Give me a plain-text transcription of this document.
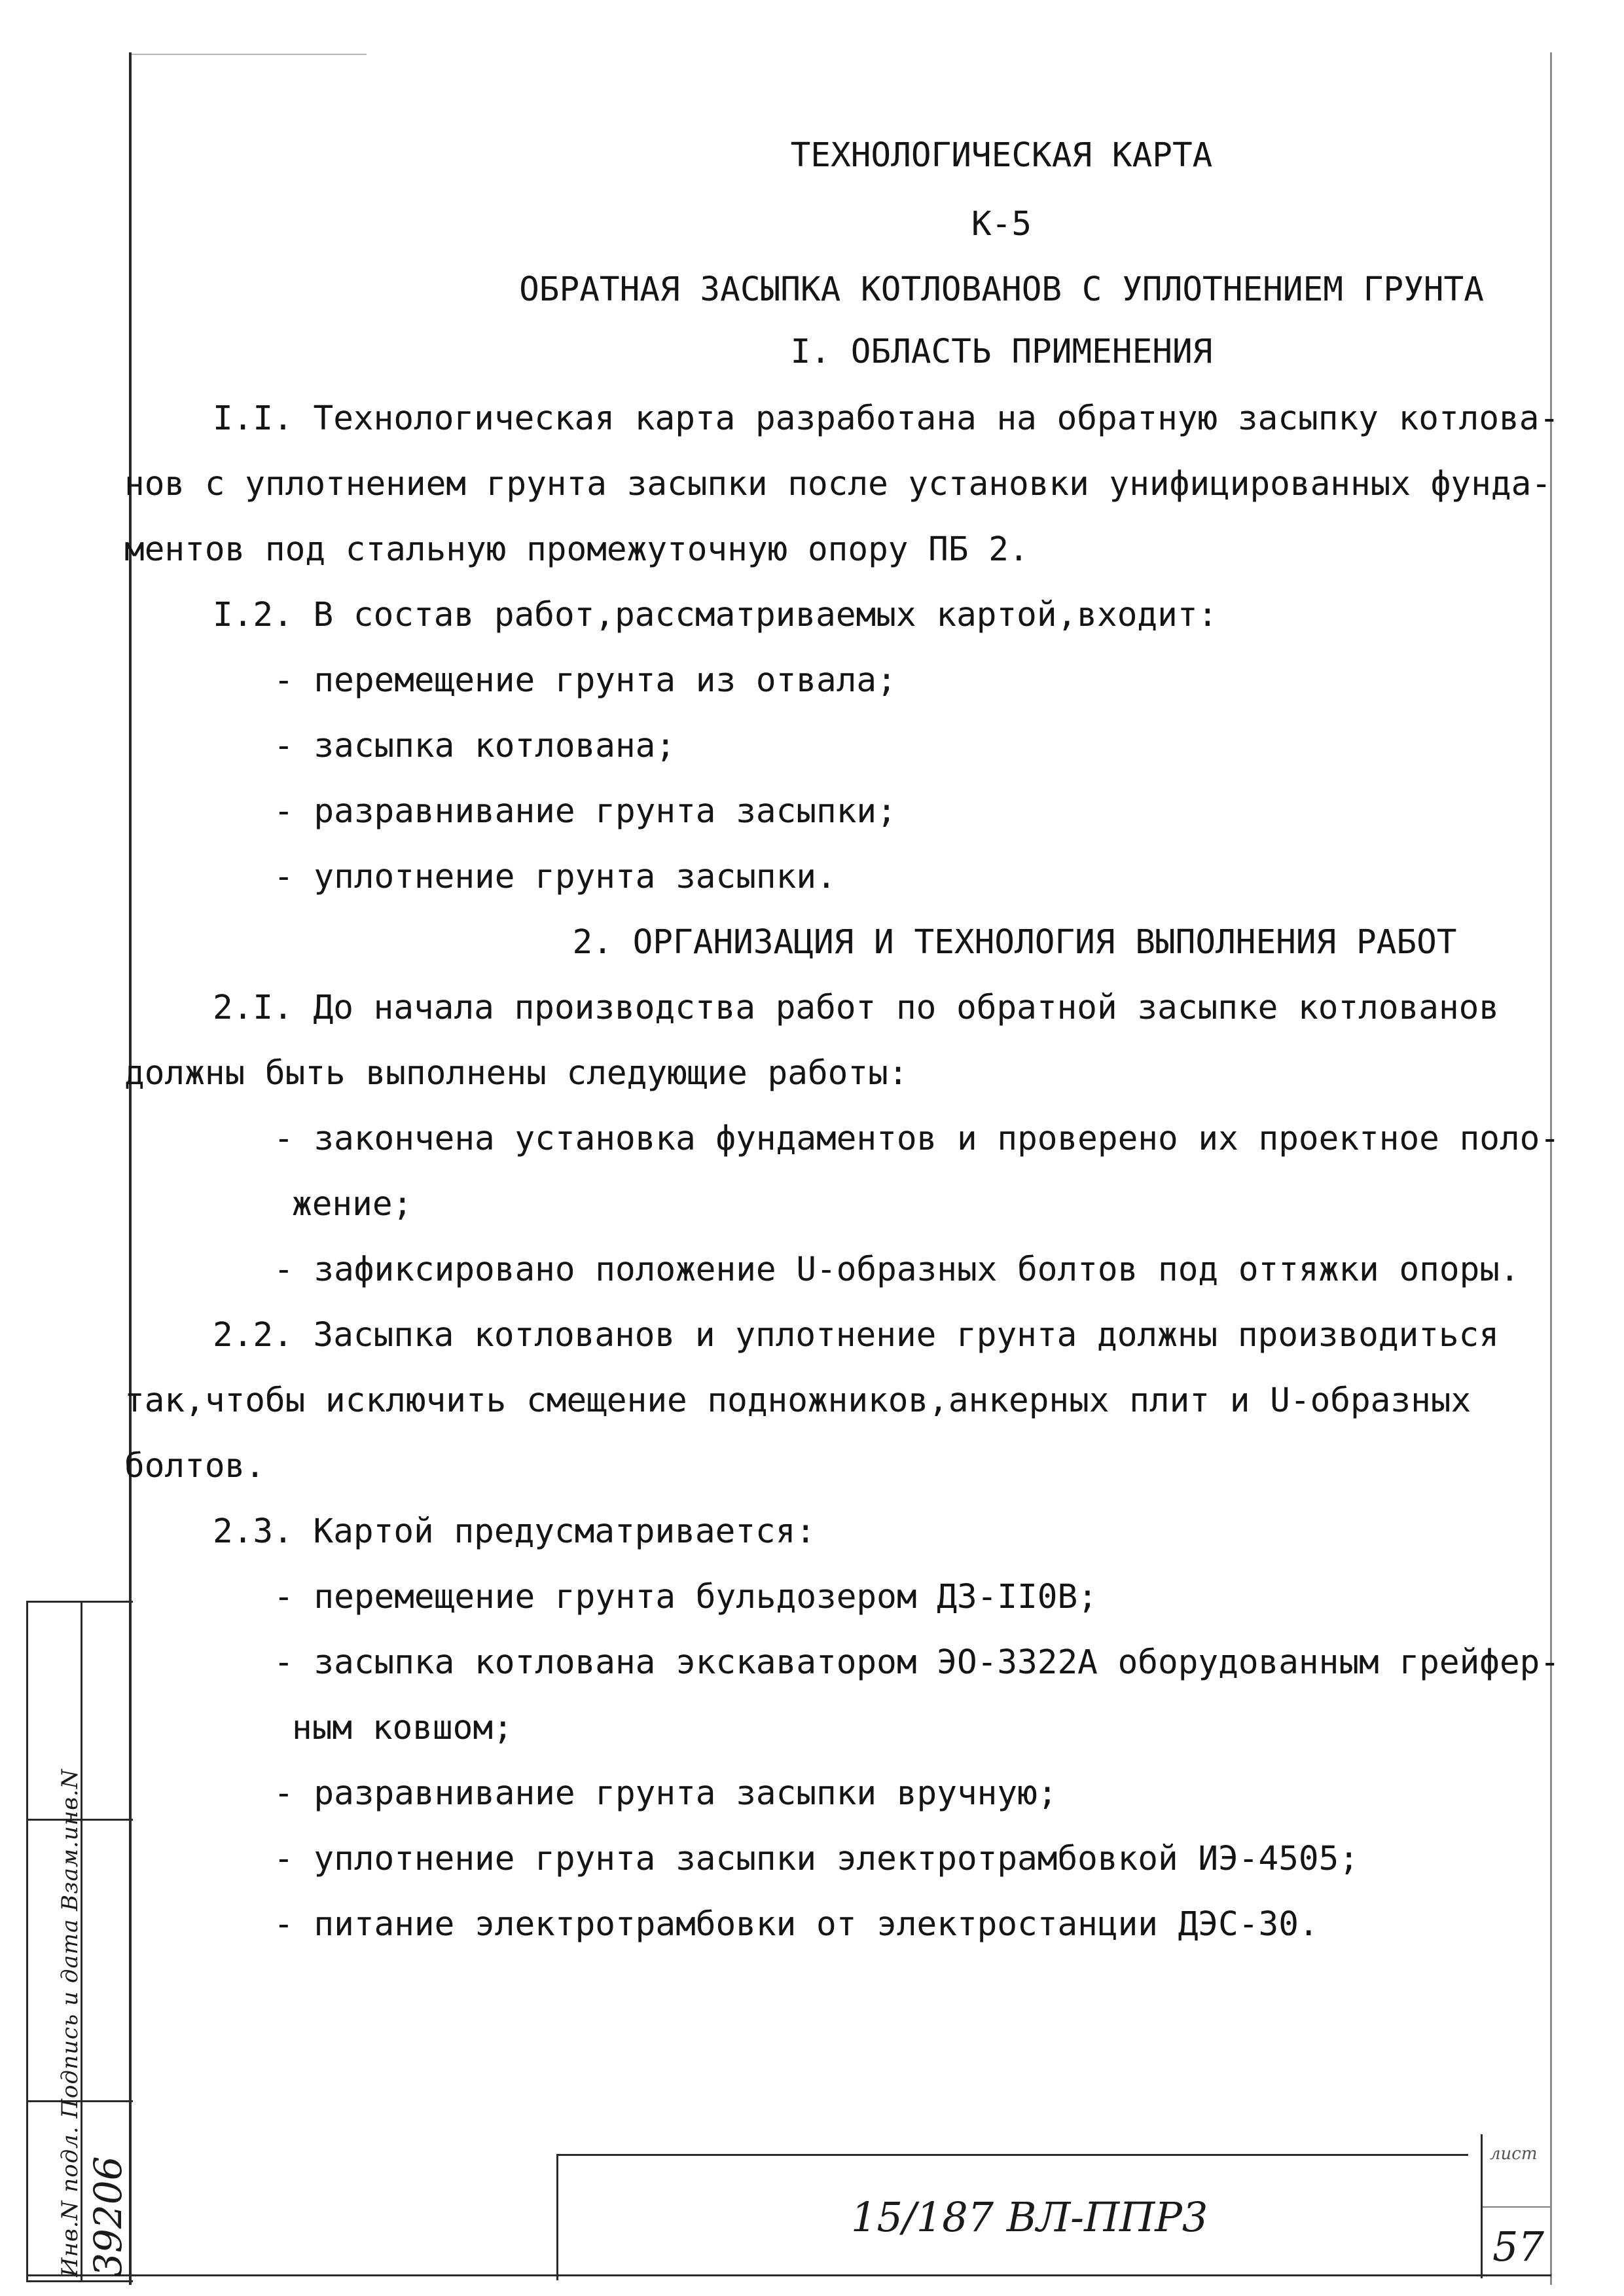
ТЕХНОЛОГИЧЕСКАЯ КАРТА
К-5
ОБРАТНАЯ ЗАСЫПКА КОТЛОВАНОВ С УПЛОТНЕНИЕМ ГРУНТА
I. ОБЛАСТЬ ПРИМЕНЕНИЯ
I.I. Технологическая карта разработана на обратную засыпку котлова-
нов с уплотнением грунта засыпки после установки унифицированных фунда-
ментов под стальную промежуточную опору ПБ 2.
I.2. В состав работ,рассматриваемых картой,входит:
- перемещение грунта из отвала;
- засыпка котлована;
- разравнивание грунта засыпки;
- уплотнение грунта засыпки.
2. ОРГАНИЗАЦИЯ И ТЕХНОЛОГИЯ ВЫПОЛНЕНИЯ РАБОТ
2.I. До начала производства работ по обратной засыпке котлованов
должны быть выполнены следующие работы:
- закончена установка фундаментов и проверено их проектное поло-
жение;
- зафиксировано положение U-образных болтов под оттяжки опоры.
2.2. Засыпка котлованов и уплотнение грунта должны производиться
так,чтобы исключить смещение подножников,анкерных плит и U-образных
болтов.
2.3. Картой предусматривается:
- перемещение грунта бульдозером ДЗ-II0В;
- засыпка котлована экскаватором ЭО-3322А оборудованным грейфер-
ным ковшом;
- разравнивание грунта засыпки вручную;
- уплотнение грунта засыпки электротрамбовкой ИЭ-4505;
- питание электротрамбовки от электростанции ДЭС-30.
Инв.N подл. Подпись и дата Взам.инв.N 39206	15/187 ВЛ-ППР3
лист
57
